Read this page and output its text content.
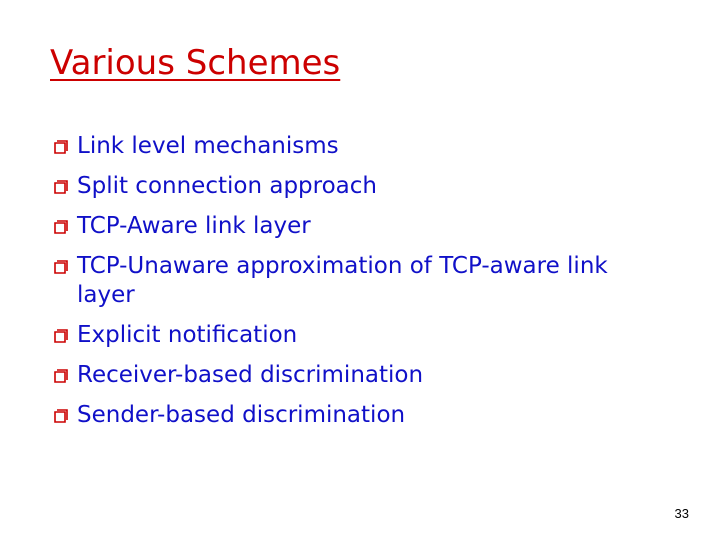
Various Schemes
Link level mechanisms
Split connection approach
TCP-Aware link layer
TCP-Unaware approximation of TCP-aware link layer
Explicit notification
Receiver-based discrimination
Sender-based discrimination
33
